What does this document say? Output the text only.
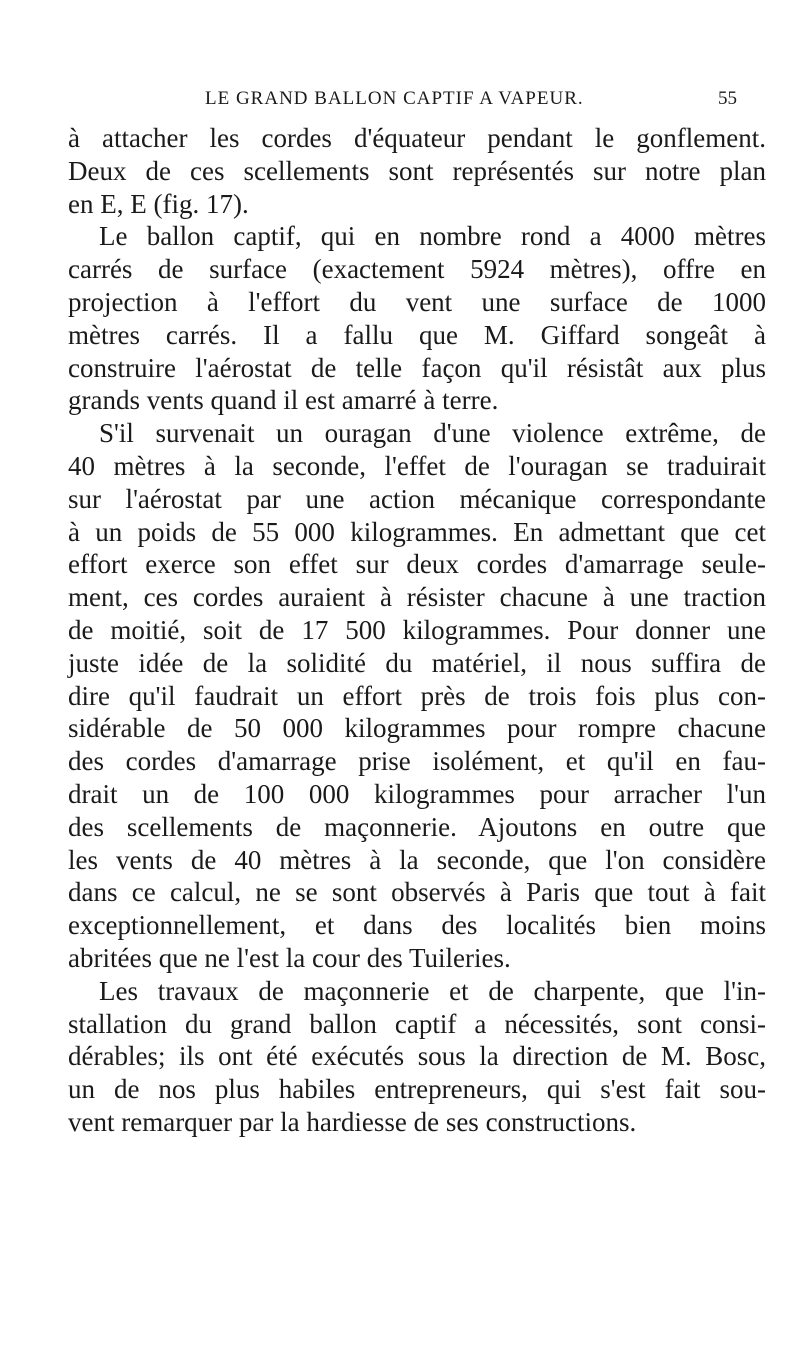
LE GRAND BALLON CAPTIF A VAPEUR.	55
à attacher les cordes d'équateur pendant le gonflement.
Deux de ces scellements sont représentés sur notre plan
en E, E (fig. 17).
Le ballon captif, qui en nombre rond a 4000 mètres
carrés de surface (exactement 5924 mètres), offre en
projection à l'effort du vent une surface de 1000
mètres carrés. Il a fallu que M. Giffard songeât à
construire l'aérostat de telle façon qu'il résistât aux plus
grands vents quand il est amarré à terre.
S'il survenait un ouragan d'une violence extrême, de
40 mètres à la seconde, l'effet de l'ouragan se traduirait
sur l'aérostat par une action mécanique correspondante
à un poids de 55 000 kilogrammes. En admettant que cet
effort exerce son effet sur deux cordes d'amarrage seule-
ment, ces cordes auraient à résister chacune à une traction
de moitié, soit de 17 500 kilogrammes. Pour donner une
juste idée de la solidité du matériel, il nous suffira de
dire qu'il faudrait un effort près de trois fois plus con-
sidérable de 50 000 kilogrammes pour rompre chacune
des cordes d'amarrage prise isolément, et qu'il en fau-
drait un de 100 000 kilogrammes pour arracher l'un
des scellements de maçonnerie. Ajoutons en outre que
les vents de 40 mètres à la seconde, que l'on considère
dans ce calcul, ne se sont observés à Paris que tout à fait
exceptionnellement, et dans des localités bien moins
abritées que ne l'est la cour des Tuileries.
Les travaux de maçonnerie et de charpente, que l'in-
stallation du grand ballon captif a nécessités, sont consi-
dérables; ils ont été exécutés sous la direction de M. Bosc,
un de nos plus habiles entrepreneurs, qui s'est fait sou-
vent remarquer par la hardiesse de ses constructions.
